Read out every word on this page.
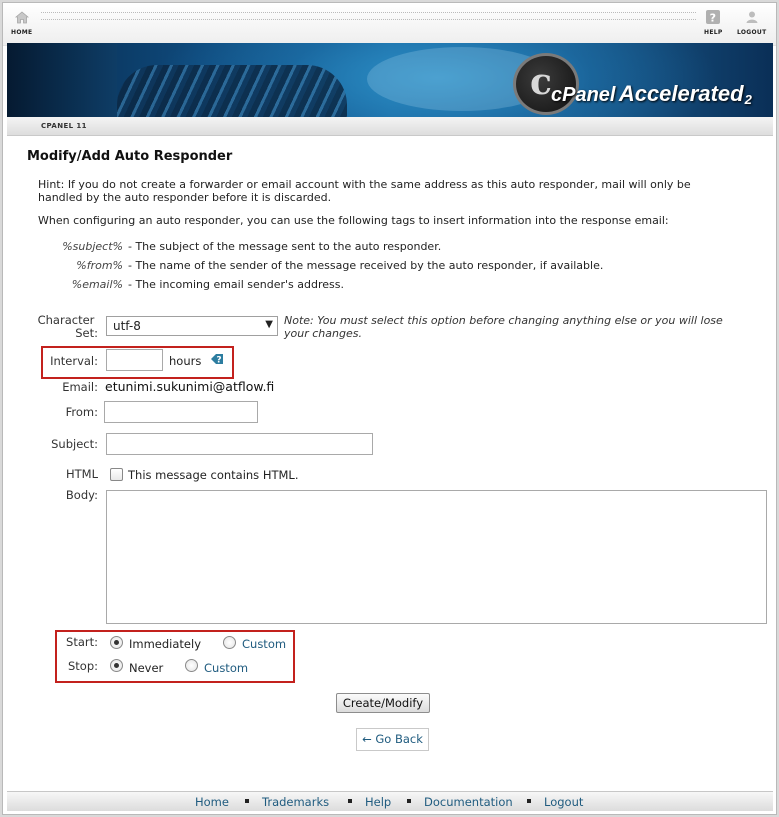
HOME
?
HELP LOGOUT
c cPanel Accelerated$_2$
CPANEL 11
Modify/Add Auto Responder
Hint: If you do not create a forwarder or email account with the same address as this auto responder, mail will only be
handled by the auto responder before it is discarded.
When configuring an auto responder, you can use the following tags to insert information into the response email:
%subject% - The subject of the message sent to the auto responder.
%from% - The name of the sender of the message received by the auto responder, if available.
%email% - The incoming email sender's address.
Character
Set:	utf-8	▼ Note: You must select this option before changing anything else or you will lose
your changes.
Interval:	hours ?
Email: etunimi.sukunimi@atflow.fi
From:
Subject:
HTML	This message contains HTML.
Body:
Start:	Immediately	Custom
Stop:	Never	Custom
Create/Modify
← Go Back
Home	Trademarks	Help	Documentation	Logout
